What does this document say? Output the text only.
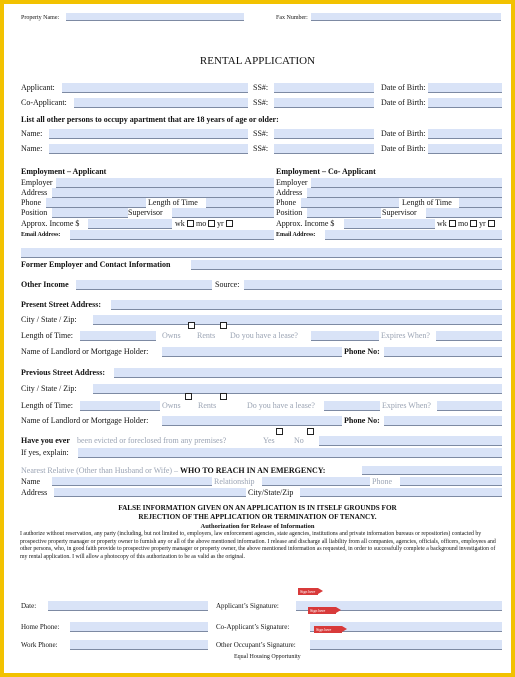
Property Name:	Fax Number:
RENTAL APPLICATION
Applicant:	SS#:	Date of Birth:
Co-Applicant:	SS#:	Date of Birth:
List all other persons to occupy apartment that are 18 years of age or older:
Name:	SS#:	Date of Birth:
Name:	SS#:	Date of Birth:
Employment – Applicant
Employer
Address
Phone	Length of Time
Position	Supervisor
Approx. Income $	wk mo yr
Email Address:
Employment – Co- Applicant
Employer
Address
Phone	Length of Time
Position	Supervisor
Approx. Income $	wk mo yr
Email Address:
Former Employer and Contact Information
Other Income	Source:
Present Street Address:
City / State / Zip:
Length of Time:	Owns Rents Do you have a lease?	Expires When?
Name of Landlord or Mortgage Holder:	Phone No:
Previous Street Address:
City / State / Zip:
Length of Time:	Owns Rents	Do you have a lease?	Expires When?
Name of Landlord or Mortgage Holder:	Phone No:
Have you ever been evicted or foreclosed from any premises?	Yes No
If yes, explain:
Nearest Relative (Other than Husband or Wife) – WHO TO REACH IN AN EMERGENCY:
Name	Relationship	Phone
Address	City/State/Zip
FALSE INFORMATION GIVEN ON AN APPLICATION IS IN ITSELF GROUNDS FOR
REJECTION OF THE APPLICATION OR TERMINATION OF TENANCY.
Authorization for Release of Information
I authorize without reservation, any party (including, but not limited to, employers, law enforcement agencies, state agencies, institutions and private information bureaus or repositories) contacted by prospective property manager or property owner to furnish any or all of the above mentioned information. I release and discharge all liability from all companies, agencies, officials, officers, employees and other persons, who, in good faith provide to prospective property manager or property owner, the above mentioned information as requested, in order to successfully complete a background investigation of my rental application. I will allow a photocopy of this authorization to be as valid as the original.
Sign here
Date:	Applicant’s Signature:
Sign here
Home Phone:	Co-Applicant’s Signature:	Sign here
Work Phone:	Other Occupant’s Signature:
Equal Housing Opportunity
